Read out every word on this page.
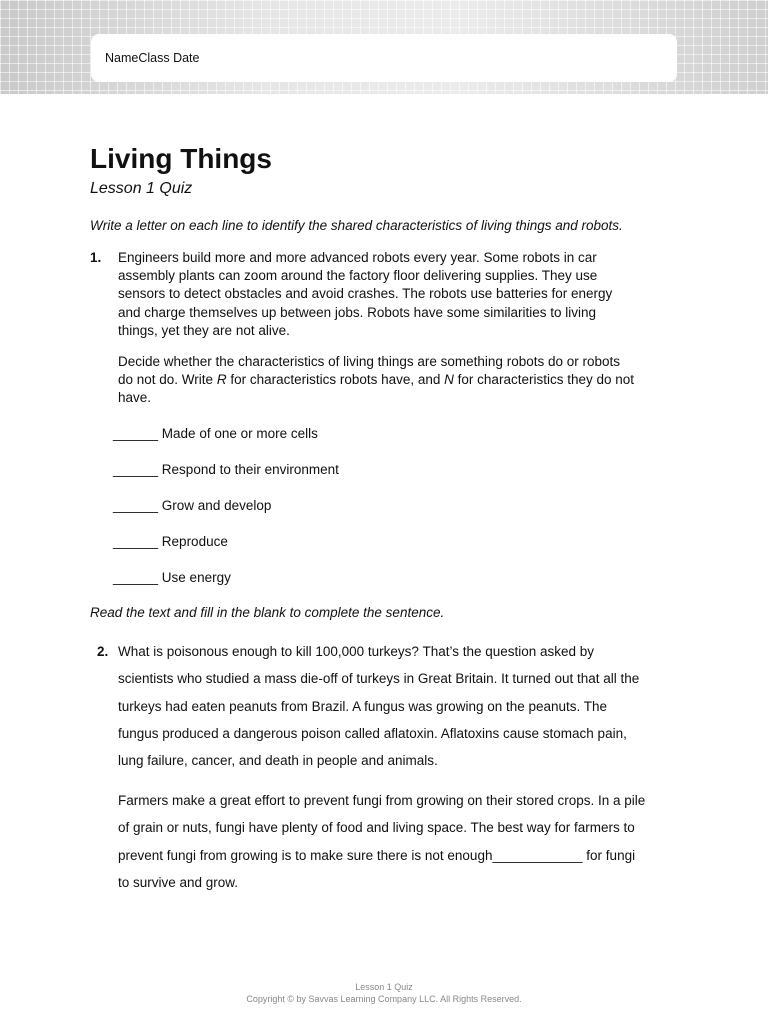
NameClass Date
Living Things
Lesson 1 Quiz
Write a letter on each line to identify the shared characteristics of living things and robots.
1. Engineers build more and more advanced robots every year. Some robots in car assembly plants can zoom around the factory floor delivering supplies. They use sensors to detect obstacles and avoid crashes. The robots use batteries for energy and charge themselves up between jobs. Robots have some similarities to living things, yet they are not alive.
Decide whether the characteristics of living things are something robots do or robots do not do. Write R for characteristics robots have, and N for characteristics they do not have.
______ Made of one or more cells
______ Respond to their environment
______ Grow and develop
______ Reproduce
______ Use energy
Read the text and fill in the blank to complete the sentence.
2. What is poisonous enough to kill 100,000 turkeys? That’s the question asked by scientists who studied a mass die-off of turkeys in Great Britain. It turned out that all the turkeys had eaten peanuts from Brazil. A fungus was growing on the peanuts. The fungus produced a dangerous poison called aflatoxin. Aflatoxins cause stomach pain, lung failure, cancer, and death in people and animals.
Farmers make a great effort to prevent fungi from growing on their stored crops. In a pile of grain or nuts, fungi have plenty of food and living space. The best way for farmers to prevent fungi from growing is to make sure there is not enough____________ for fungi to survive and grow.
Lesson 1 Quiz
Copyright © by Savvas Learning Company LLC. All Rights Reserved.
